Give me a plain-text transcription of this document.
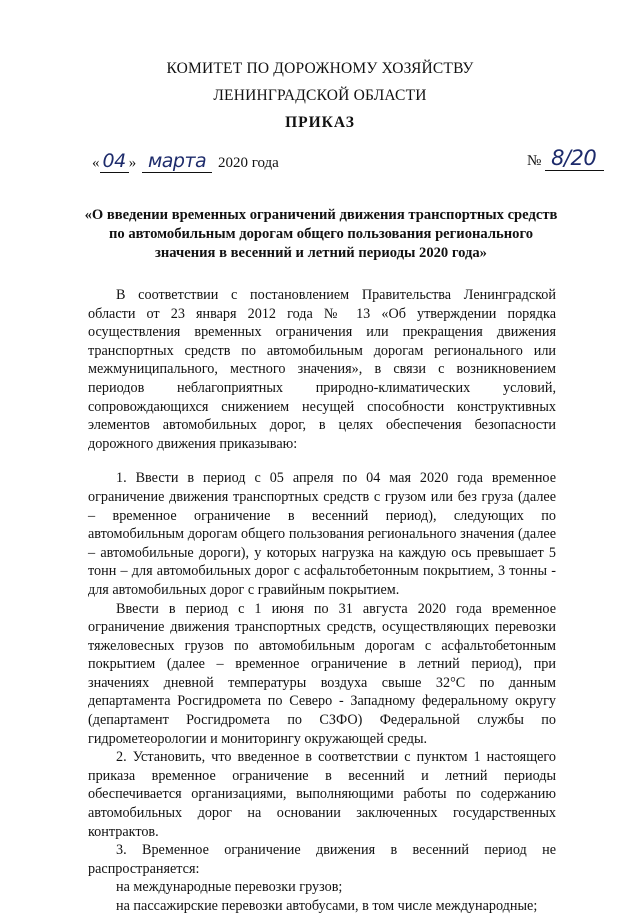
КОМИТЕТ ПО ДОРОЖНОМУ ХОЗЯЙСТВУ
ЛЕНИНГРАДСКОЙ ОБЛАСТИ
ПРИКАЗ
« 04 » марта 2020 года	№ 8/20
«О введении временных ограничений движения транспортных средств по автомобильным дорогам общего пользования регионального значения в весенний и летний периоды 2020 года»

В соответствии с постановлением Правительства Ленинградской области от 23 января 2012 года № 13 «Об утверждении порядка осуществления временных ограничения или прекращения движения транспортных средств по автомобильным дорогам регионального или межмуниципального, местного значения», в связи с возникновением периодов неблагоприятных природно-климатических условий, сопровождающихся снижением несущей способности конструктивных элементов автомобильных дорог, в целях обеспечения безопасности дорожного движения приказываю:

1. Ввести в период с 05 апреля по 04 мая 2020 года временное ограничение движения транспортных средств с грузом или без груза (далее – временное ограничение в весенний период), следующих по автомобильным дорогам общего пользования регионального значения (далее – автомобильные дороги), у которых нагрузка на каждую ось превышает 5 тонн – для автомобильных дорог с асфальтобетонным покрытием, 3 тонны - для автомобильных дорог с гравийным покрытием.

Ввести в период с 1 июня по 31 августа 2020 года временное ограничение движения транспортных средств, осуществляющих перевозки тяжеловесных грузов по автомобильным дорогам с асфальтобетонным покрытием (далее – временное ограничение в летний период), при значениях дневной температуры воздуха свыше 32°С по данным департамента Росгидромета по Северо - Западному федеральному округу (департамент Росгидромета по СЗФО) Федеральной службы по гидрометеорологии и мониторингу окружающей среды.

2. Установить, что введенное в соответствии с пунктом 1 настоящего приказа временное ограничение в весенний и летний периоды обеспечивается организациями, выполняющими работы по содержанию автомобильных дорог на основании заключенных государственных контрактов.

3. Временное ограничение движения в весенний период не распространяется:

на международные перевозки грузов;

на пассажирские перевозки автобусами, в том числе международные;
